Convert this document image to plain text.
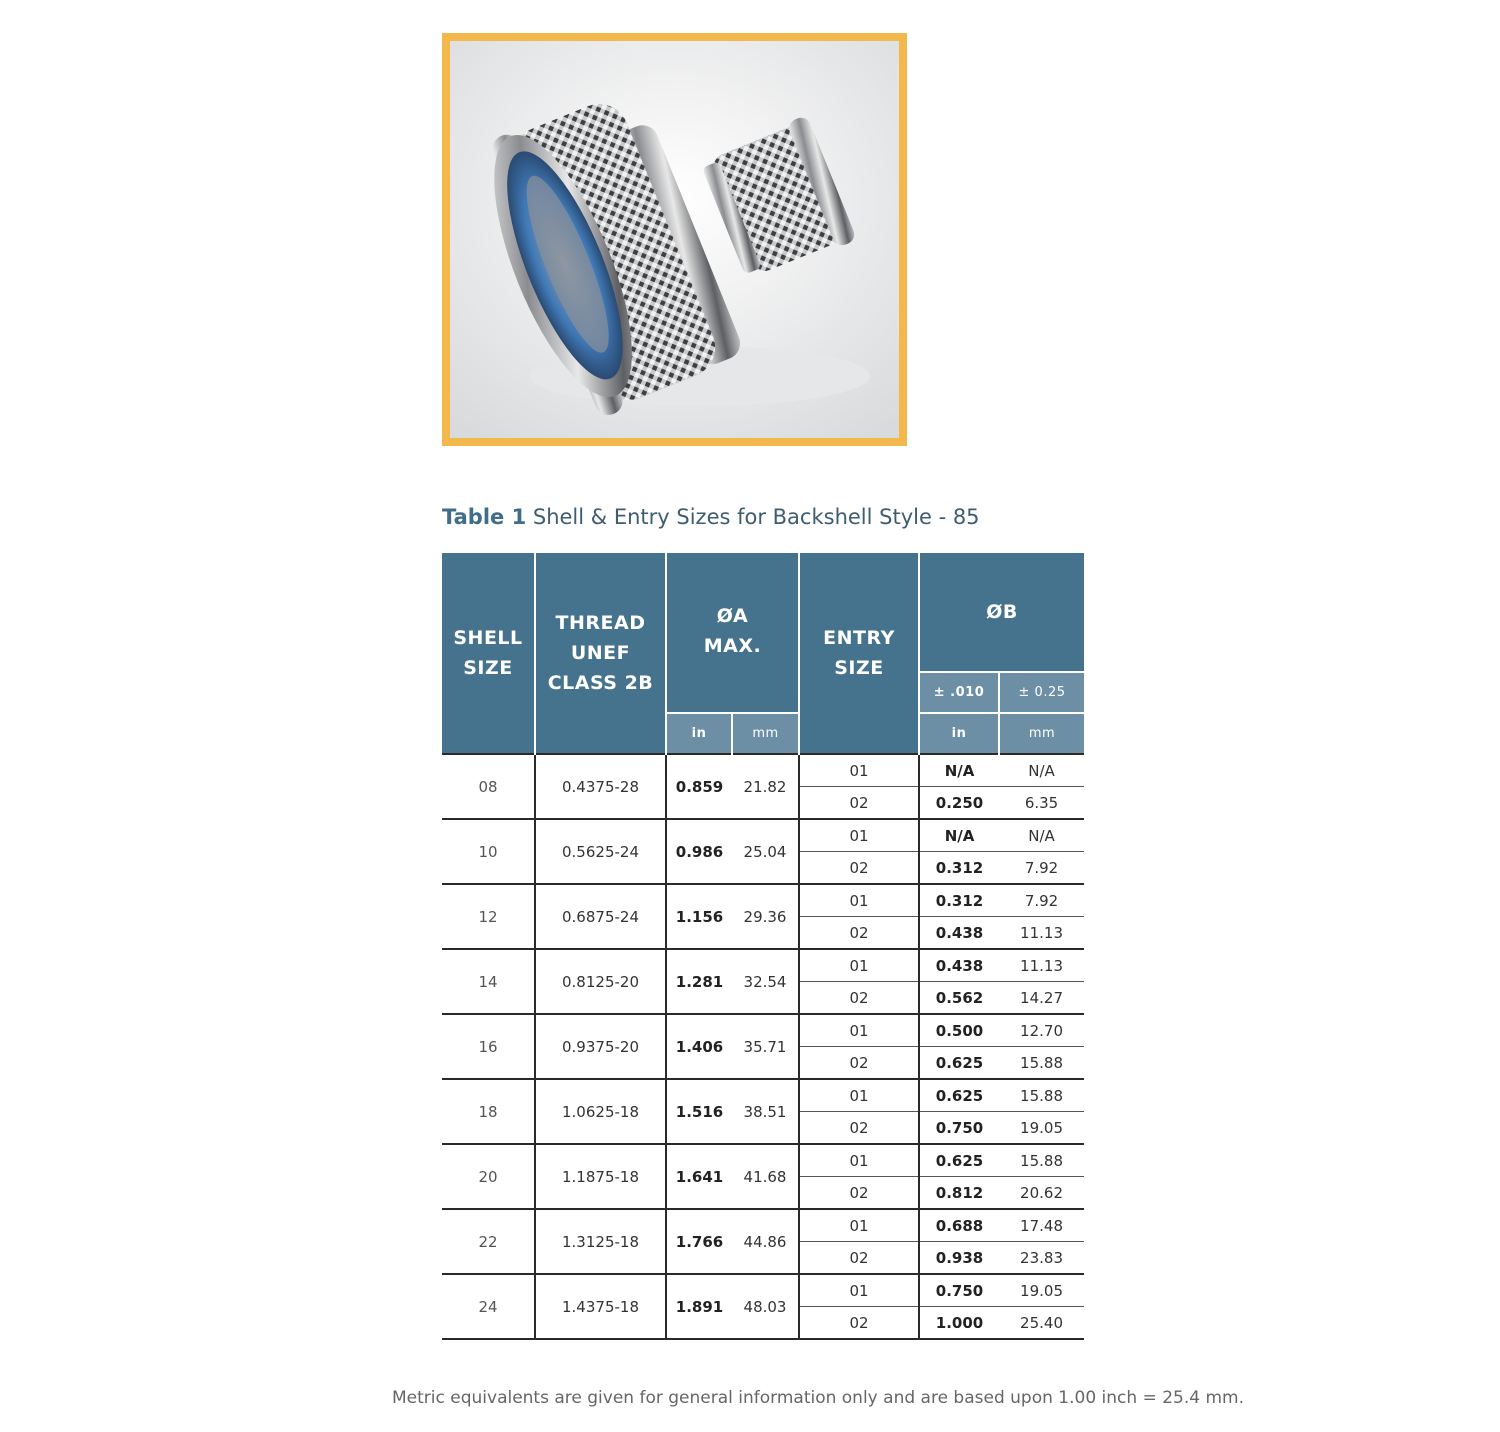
Table 1 Shell & Entry Sizes for Backshell Style - 85
SHELL
SIZE	THREAD
UNEF
CLASS 2B	ØA
MAX.		ENTRY
SIZE	ØB	
					± .010	± 0.25
		in	mm		in	mm
08	0.4375-28	0.859	21.82	01	N/A	N/A
				02	0.250	6.35
10	0.5625-24	0.986	25.04	01	N/A	N/A
				02	0.312	7.92
12	0.6875-24	1.156	29.36	01	0.312	7.92
				02	0.438	11.13
14	0.8125-20	1.281	32.54	01	0.438	11.13
				02	0.562	14.27
16	0.9375-20	1.406	35.71	01	0.500	12.70
				02	0.625	15.88
18	1.0625-18	1.516	38.51	01	0.625	15.88
				02	0.750	19.05
20	1.1875-18	1.641	41.68	01	0.625	15.88
				02	0.812	20.62
22	1.3125-18	1.766	44.86	01	0.688	17.48
				02	0.938	23.83
24	1.4375-18	1.891	48.03	01	0.750	19.05
				02	1.000	25.40
Metric equivalents are given for general information only and are based upon 1.00 inch = 25.4 mm.
